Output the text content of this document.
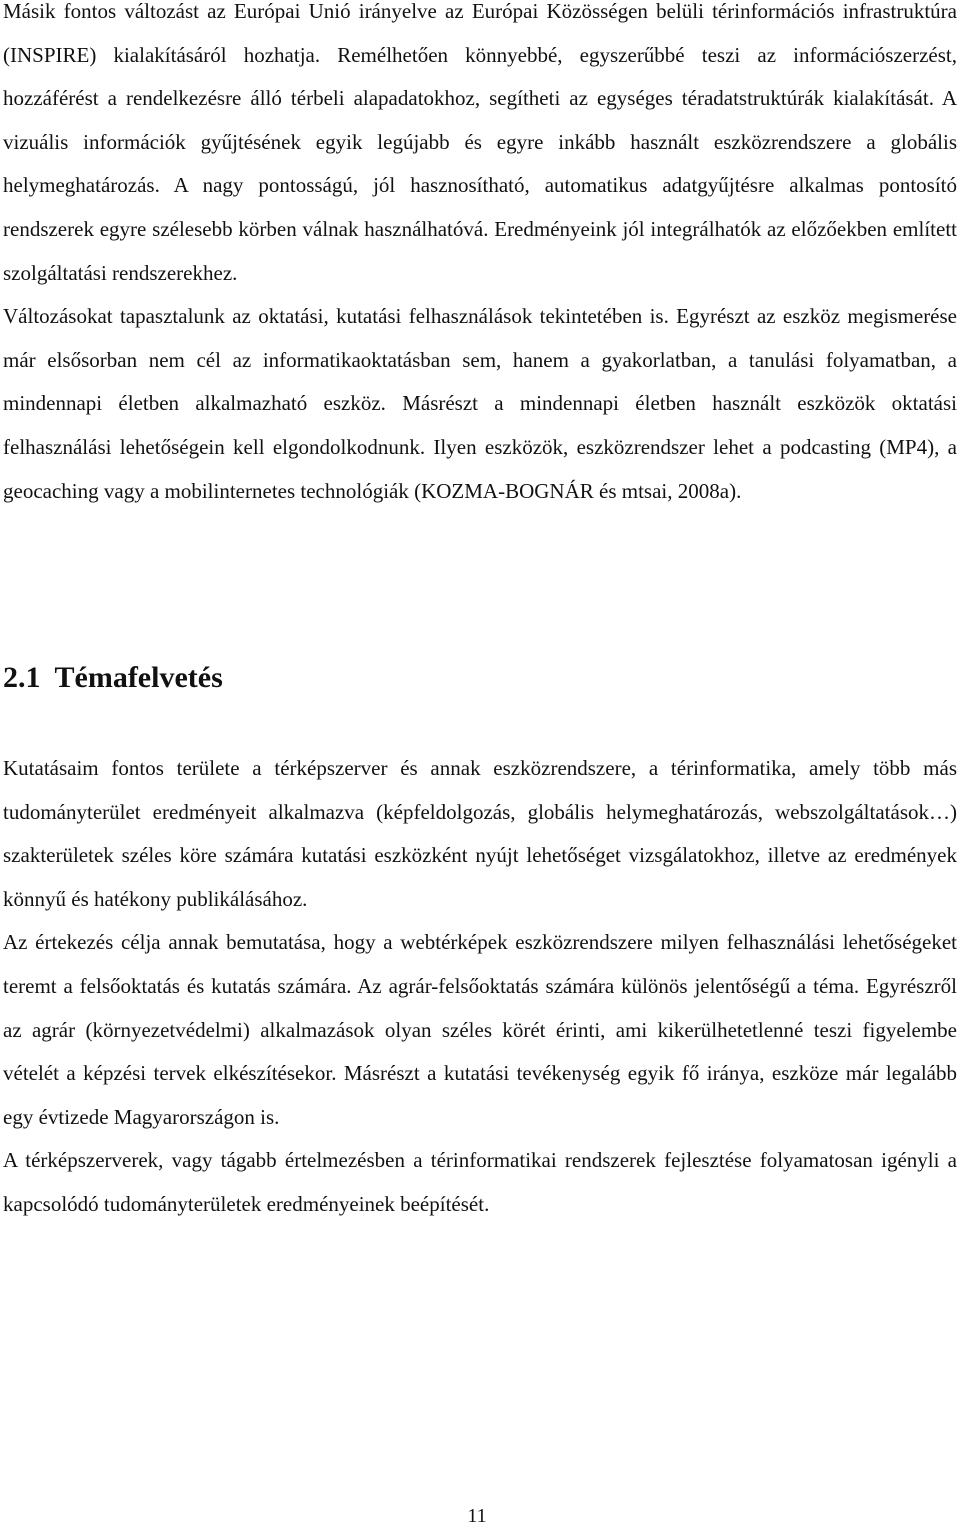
Másik fontos változást az Európai Unió irányelve az Európai Közösségen belüli térinformációs infrastruktúra (INSPIRE) kialakításáról hozhatja. Remélhetően könnyebbé, egyszerűbbé teszi az információszerzést, hozzáférést a rendelkezésre álló térbeli alapadatokhoz, segítheti az egységes téradatstruktúrák kialakítását. A vizuális információk gyűjtésének egyik legújabb és egyre inkább használt eszközrendszere a globális helymeghatározás. A nagy pontosságú, jól hasznosítható, automatikus adatgyűjtésre alkalmas pontosító rendszerek egyre szélesebb körben válnak használhatóvá. Eredményeink jól integrálhatók az előzőekben említett szolgáltatási rendszerekhez.

Változásokat tapasztalunk az oktatási, kutatási felhasználások tekintetében is. Egyrészt az eszköz megismerése már elsősorban nem cél az informatikaoktatásban sem, hanem a gyakorlatban, a tanulási folyamatban, a mindennapi életben alkalmazható eszköz. Másrészt a mindennapi életben használt eszközök oktatási felhasználási lehetőségein kell elgondolkodnunk. Ilyen eszközök, eszközrendszer lehet a podcasting (MP4), a geocaching vagy a mobilinternetes technológiák (KOZMA-BOGNÁR és mtsai, 2008a).

2.1 Témafelvetés

Kutatásaim fontos területe a térképszerver és annak eszközrendszere, a térinformatika, amely több más tudományterület eredményeit alkalmazva (képfeldolgozás, globális helymeghatározás, webszolgáltatások…) szakterületek széles köre számára kutatási eszközként nyújt lehetőséget vizsgálatokhoz, illetve az eredmények könnyű és hatékony publikálásához.

Az értekezés célja annak bemutatása, hogy a webtérképek eszközrendszere milyen felhasználási lehetőségeket teremt a felsőoktatás és kutatás számára. Az agrár-felsőoktatás számára különös jelentőségű a téma. Egyrészről az agrár (környezetvédelmi) alkalmazások olyan széles körét érinti, ami kikerülhetetlenné teszi figyelembe vételét a képzési tervek elkészítésekor. Másrészt a kutatási tevékenység egyik fő iránya, eszköze már legalább egy évtizede Magyarországon is.

A térképszerverek, vagy tágabb értelmezésben a térinformatikai rendszerek fejlesztése folyamatosan igényli a kapcsolódó tudományterületek eredményeinek beépítését.

11
